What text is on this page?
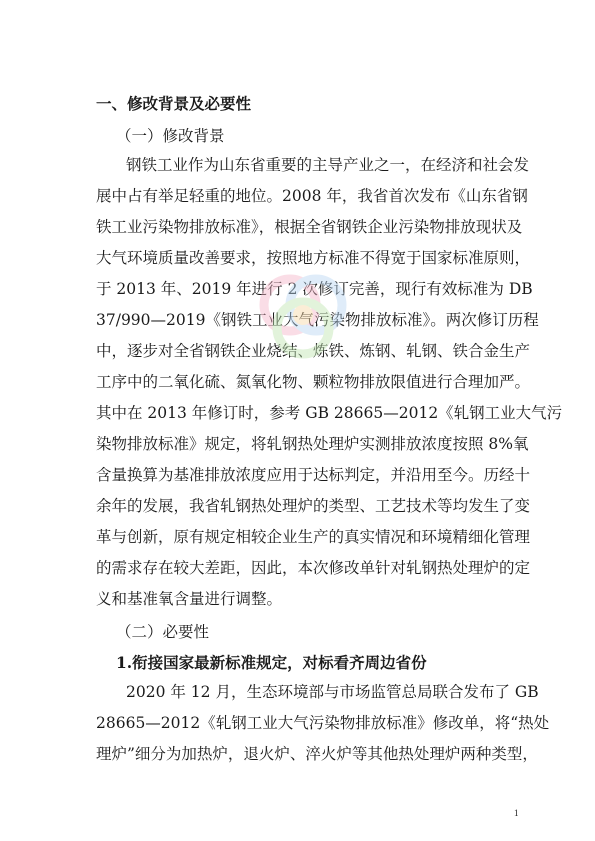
一、修改背景及必要性
（一）修改背景
钢铁工业作为山东省重要的主导产业之一，在经济和社会发
展中占有举足轻重的地位。2008 年，我省首次发布《山东省钢
铁工业污染物排放标准》，根据全省钢铁企业污染物排放现状及
大气环境质量改善要求，按照地方标准不得宽于国家标准原则，
于 2013 年、2019 年进行 2 次修订完善，现行有效标准为 DB
37/990—2019《钢铁工业大气污染物排放标准》。两次修订历程
中，逐步对全省钢铁企业烧结、炼铁、炼钢、轧钢、铁合金生产
工序中的二氧化硫、氮氧化物、颗粒物排放限值进行合理加严。
其中在 2013 年修订时，参考 GB 28665—2012《轧钢工业大气污
染物排放标准》规定，将轧钢热处理炉实测排放浓度按照 8%氧
含量换算为基准排放浓度应用于达标判定，并沿用至今。历经十
余年的发展，我省轧钢热处理炉的类型、工艺技术等均发生了变
革与创新，原有规定相较企业生产的真实情况和环境精细化管理
的需求存在较大差距，因此，本次修改单针对轧钢热处理炉的定
义和基准氧含量进行调整。
（二）必要性
1.衔接国家最新标准规定，对标看齐周边省份
2020 年 12 月，生态环境部与市场监管总局联合发布了 GB
28665—2012《轧钢工业大气污染物排放标准》修改单，将“热处
理炉”细分为加热炉，退火炉、淬火炉等其他热处理炉两种类型，
1
